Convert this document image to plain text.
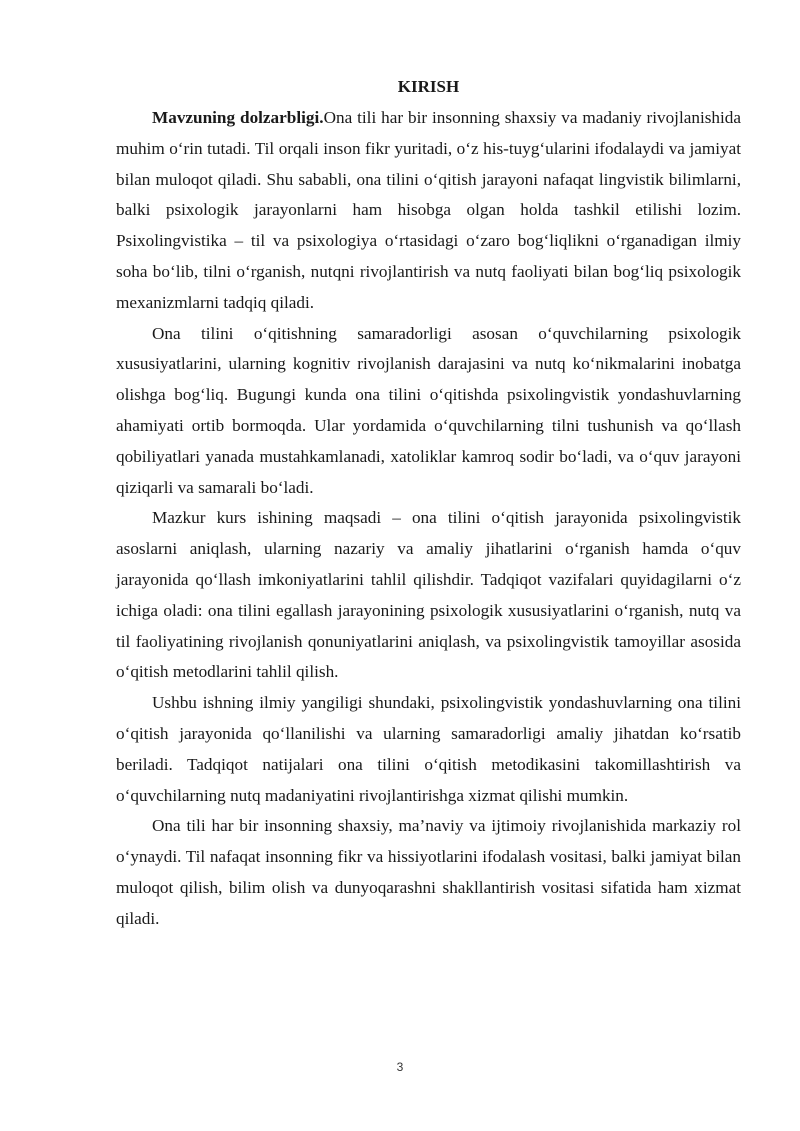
KIRISH

Mavzuning dolzarbligi.Ona tili har bir insonning shaxsiy va madaniy rivojlanishida muhim o‘rin tutadi. Til orqali inson fikr yuritadi, o‘z his-tuyg‘ularini ifodalaydi va jamiyat bilan muloqot qiladi. Shu sababli, ona tilini o‘qitish jarayoni nafaqat lingvistik bilimlarni, balki psixologik jarayonlarni ham hisobga olgan holda tashkil etilishi lozim. Psixolingvistika – til va psixologiya o‘rtasidagi o‘zaro bog‘liqlikni o‘rganadigan ilmiy soha bo‘lib, tilni o‘rganish, nutqni rivojlantirish va nutq faoliyati bilan bog‘liq psixologik mexanizmlarni tadqiq qiladi.

Ona tilini o‘qitishning samaradorligi asosan o‘quvchilarning psixologik xususiyatlarini, ularning kognitiv rivojlanish darajasini va nutq ko‘nikmalarini inobatga olishga bog‘liq. Bugungi kunda ona tilini o‘qitishda psixolingvistik yondashuvlarning ahamiyati ortib bormoqda. Ular yordamida o‘quvchilarning tilni tushunish va qo‘llash qobiliyatlari yanada mustahkamlanadi, xatoliklar kamroq sodir bo‘ladi, va o‘quv jarayoni qiziqarli va samarali bo‘ladi.

Mazkur kurs ishining maqsadi – ona tilini o‘qitish jarayonida psixolingvistik asoslarni aniqlash, ularning nazariy va amaliy jihatlarini o‘rganish hamda o‘quv jarayonida qo‘llash imkoniyatlarini tahlil qilishdir. Tadqiqot vazifalari quyidagilarni o‘z ichiga oladi: ona tilini egallash jarayonining psixologik xususiyatlarini o‘rganish, nutq va til faoliyatining rivojlanish qonuniyatlarini aniqlash, va psixolingvistik tamoyillar asosida o‘qitish metodlarini tahlil qilish.

Ushbu ishning ilmiy yangiligi shundaki, psixolingvistik yondashuvlarning ona tilini o‘qitish jarayonida qo‘llanilishi va ularning samaradorligi amaliy jihatdan ko‘rsatib beriladi. Tadqiqot natijalari ona tilini o‘qitish metodikasini takomillashtirish va o‘quvchilarning nutq madaniyatini rivojlantirishga xizmat qilishi mumkin.

Ona tili har bir insonning shaxsiy, ma’naviy va ijtimoiy rivojlanishida markaziy rol o‘ynaydi. Til nafaqat insonning fikr va hissiyotlarini ifodalash vositasi, balki jamiyat bilan muloqot qilish, bilim olish va dunyoqarashni shakllantirish vositasi sifatida ham xizmat qiladi.

3
